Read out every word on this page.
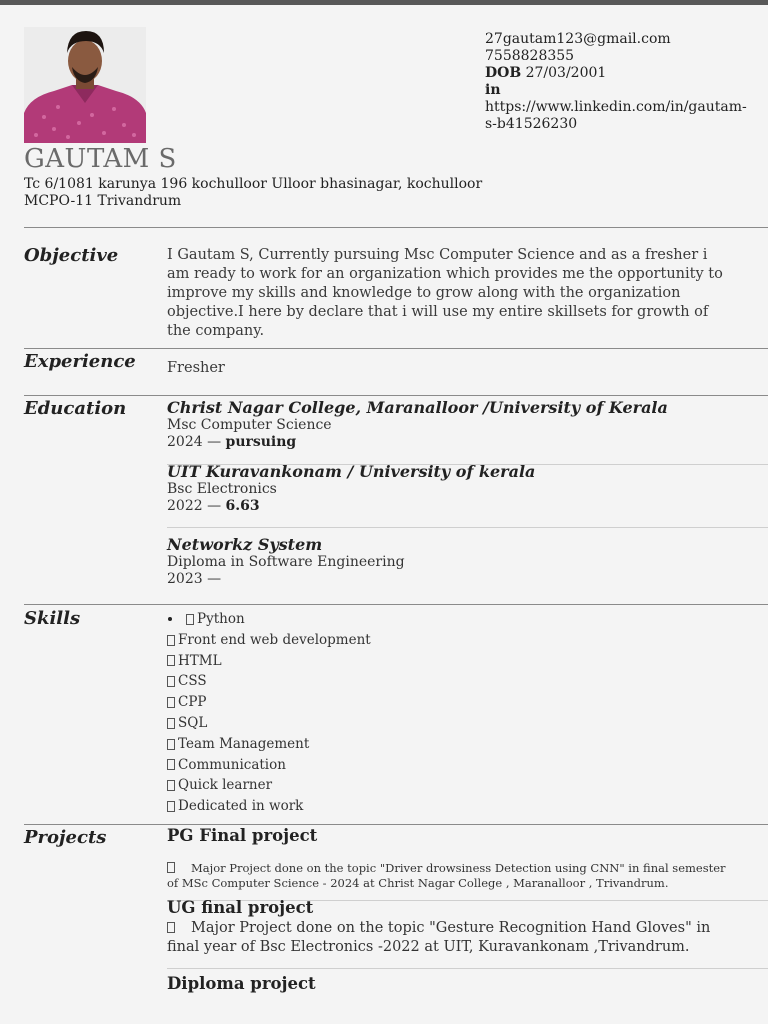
27gautam123@gmail.com
7558828355
DOB 27/03/2001
in
https://www.linkedin.com/in/gautam-
s-b41526230
GAUTAM S
Tc 6/1081 karunya 196 kochulloor Ulloor bhasinagar, kochulloor MCPO-11 Trivandrum
Objective	I Gautam S, Currently pursuing Msc Computer Science and as a fresher i am ready to work for an organization which provides me the opportunity to improve my skills and knowledge to grow along with the organization objective.I here by declare that i will use my entire skillsets for growth of the company.
Experience Fresher
Education	Christ Nagar College, Maranalloor /University of Kerala
Msc Computer Science
2024 — pursuing
UIT Kuravankonam / University of kerala
Bsc Electronics
2022 — 6.63
Networkz System
Diploma in Software Engineering
2023 —
Skills	Python
Front end web development
HTML
CSS
CPP
SQL
Team Management
Communication
Quick learner
Dedicated in work
Projects	PG Final project
Major Project done on the topic "Driver drowsiness Detection using CNN" in final semester of MSc Computer Science - 2024 at Christ Nagar College , Maranalloor , Trivandrum.
UG final project
Major Project done on the topic "Gesture Recognition Hand Gloves" in final year of Bsc Electronics -2022 at UIT, Kuravankonam ,Trivandrum.
Diploma project
